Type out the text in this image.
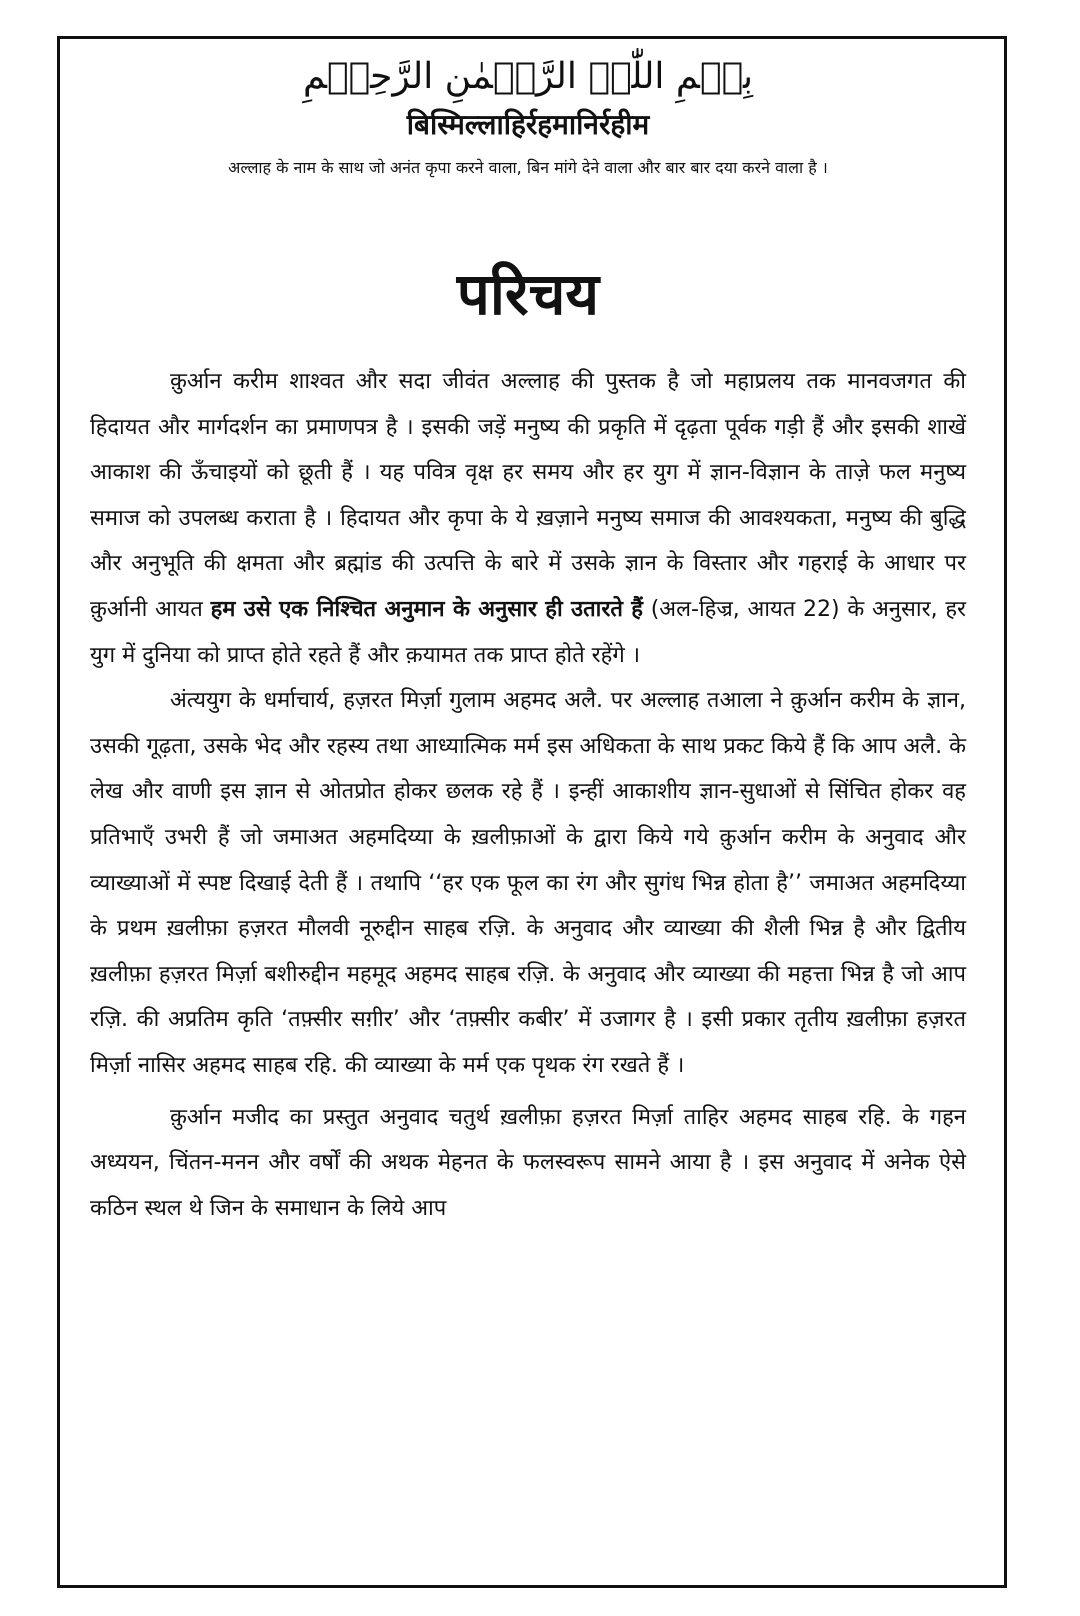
بِسۡمِ اللّٰہِ الرَّحۡمٰنِ الرَّحِیۡمِ
बिस्मिल्लाहिर्रहमानिर्रहीम
अल्लाह के नाम के साथ जो अनंत कृपा करने वाला, बिन मांगे देने वाला और बार बार दया करने वाला है ।
परिचय

क़ुर्आन करीम शाश्वत और सदा जीवंत अल्लाह की पुस्तक है जो महाप्रलय तक मानवजगत की हिदायत और मार्गदर्शन का प्रमाणपत्र है । इसकी जड़ें मनुष्य की प्रकृति में दृढ़ता पूर्वक गड़ी हैं और इसकी शाखें आकाश की ऊँचाइयों को छूती हैं । यह पवित्र वृक्ष हर समय और हर युग में ज्ञान-विज्ञान के ताज़े फल मनुष्य समाज को उपलब्ध कराता है । हिदायत और कृपा के ये ख़ज़ाने मनुष्य समाज की आवश्यकता, मनुष्य की बुद्धि और अनुभूति की क्षमता और ब्रह्मांड की उत्पत्ति के बारे में उसके ज्ञान के विस्तार और गहराई के आधार पर क़ुर्आनी आयत हम उसे एक निश्चित अनुमान के अनुसार ही उतारते हैं (अल-हिज्र, आयत 22) के अनुसार, हर युग में दुनिया को प्राप्त होते रहते हैं और क़यामत तक प्राप्त होते रहेंगे ।

अंत्ययुग के धर्माचार्य, हज़रत मिर्ज़ा गुलाम अहमद अलै. पर अल्लाह तआला ने क़ुर्आन करीम के ज्ञान, उसकी गूढ़ता, उसके भेद और रहस्य तथा आध्यात्मिक मर्म इस अधिकता के साथ प्रकट किये हैं कि आप अलै. के लेख और वाणी इस ज्ञान से ओतप्रोत होकर छलक रहे हैं । इन्हीं आकाशीय ज्ञान-सुधाओं से सिंचित होकर वह प्रतिभाएँ उभरी हैं जो जमाअत अहमदिय्या के ख़लीफ़ाओं के द्वारा किये गये क़ुर्आन करीम के अनुवाद और व्याख्याओं में स्पष्ट दिखाई देती हैं । तथापि ‘‘हर एक फूल का रंग और सुगंध भिन्न होता है’’ जमाअत अहमदिय्या के प्रथम ख़लीफ़ा हज़रत मौलवी नूरुद्दीन साहब रज़ि. के अनुवाद और व्याख्या की शैली भिन्न है और द्वितीय ख़लीफ़ा हज़रत मिर्ज़ा बशीरुद्दीन महमूद अहमद साहब रज़ि. के अनुवाद और व्याख्या की महत्ता भिन्न है जो आप रज़ि. की अप्रतिम कृति ‘तफ़्सीर सग़ीर’ और ‘तफ़्सीर कबीर’ में उजागर है । इसी प्रकार तृतीय ख़लीफ़ा हज़रत मिर्ज़ा नासिर अहमद साहब रहि. की व्याख्या के मर्म एक पृथक रंग रखते हैं ।

क़ुर्आन मजीद का प्रस्तुत अनुवाद चतुर्थ ख़लीफ़ा हज़रत मिर्ज़ा ताहिर अहमद साहब रहि. के गहन अध्ययन, चिंतन-मनन और वर्षों की अथक मेहनत के फलस्वरूप सामने आया है । इस अनुवाद में अनेक ऐसे कठिन स्थल थे जिन के समाधान के लिये आप
